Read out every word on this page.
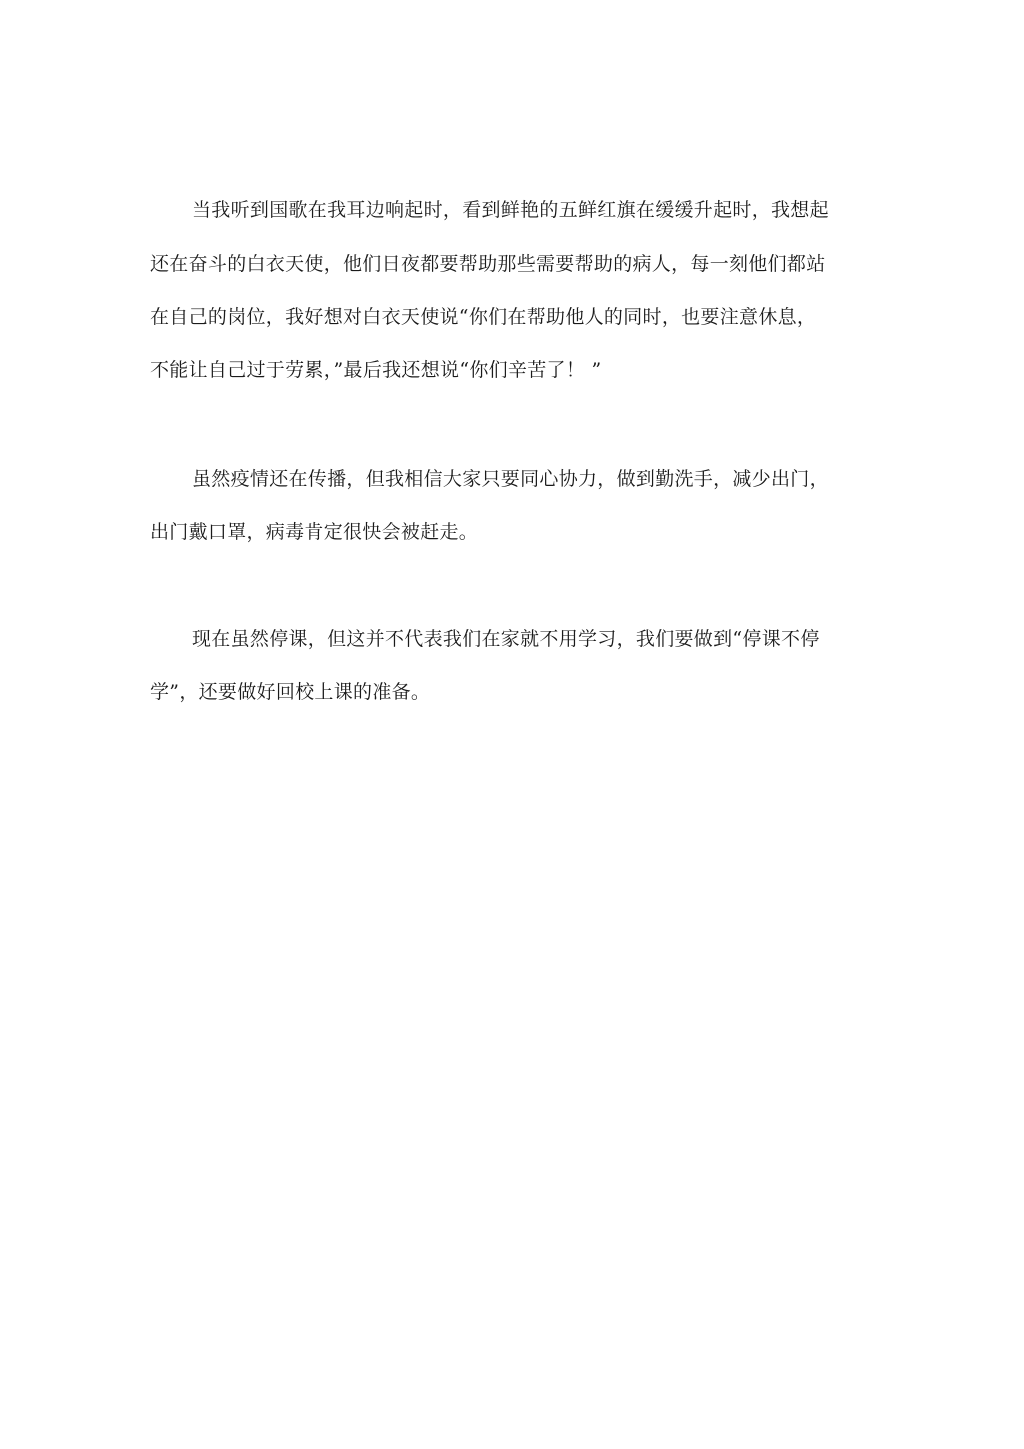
当我听到国歌在我耳边响起时，看到鲜艳的五鲜红旗在缓缓升起时，我想起
还在奋斗的白衣天使，他们日夜都要帮助那些需要帮助的病人，每一刻他们都站
在自己的岗位，我好想对白衣天使说“你们在帮助他人的同时，也要注意休息，
不能让自己过于劳累，”最后我还想说“你们辛苦了！ ”
虽然疫情还在传播，但我相信大家只要同心协力，做到勤洗手，减少出门，
出门戴口罩，病毒肯定很快会被赶走。
现在虽然停课，但这并不代表我们在家就不用学习，我们要做到“停课不停
学”，还要做好回校上课的准备。
